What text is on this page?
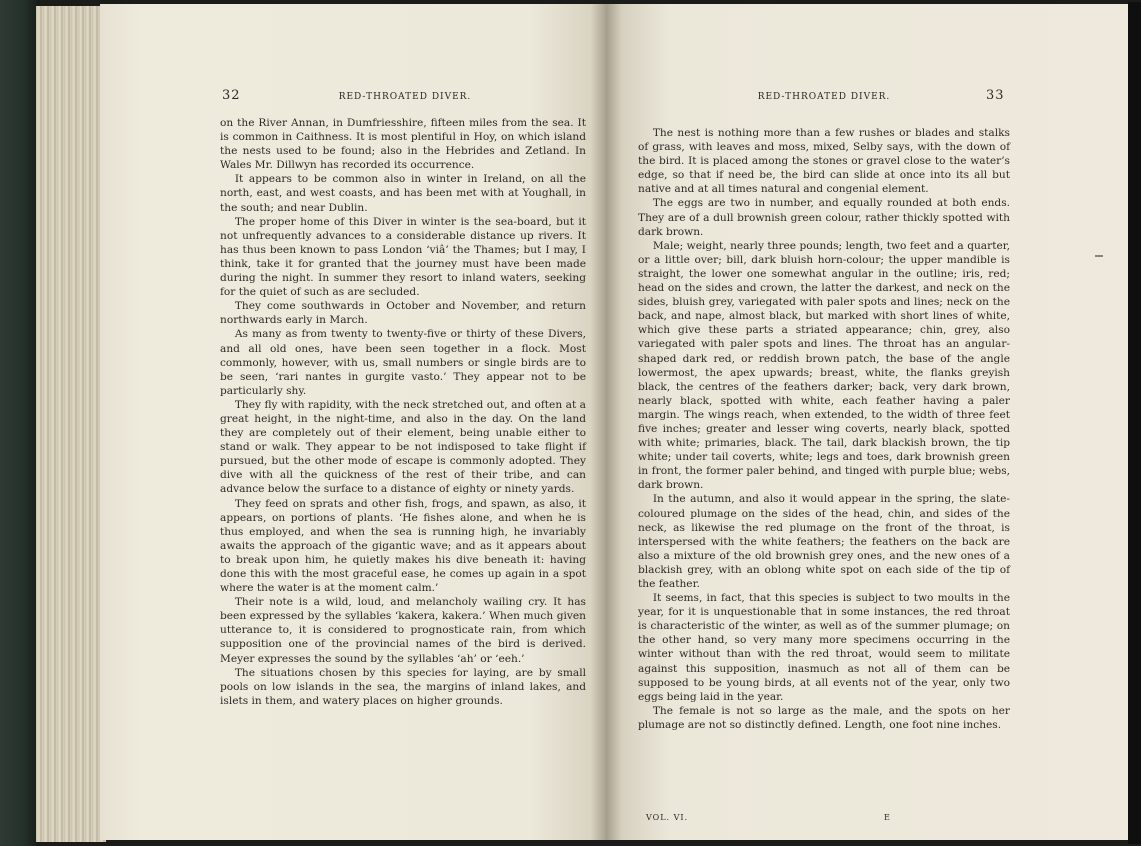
32	RED-THROATED DIVER.

on the River Annan, in Dumfriesshire, fifteen miles from the sea. It is common in Caithness. It is most plentiful in Hoy, on which island the nests used to be found; also in the Hebrides and Zetland. In Wales Mr. Dillwyn has recorded its occurrence.

It appears to be common also in winter in Ireland, on all the north, east, and west coasts, and has been met with at Youghall, in the south; and near Dublin.

The proper home of this Diver in winter is the sea-board, but it not unfrequently advances to a considerable distance up rivers. It has thus been known to pass London ‘viâ’ the Thames; but I may, I think, take it for granted that the journey must have been made during the night. In summer they resort to inland waters, seeking for the quiet of such as are secluded.

They come southwards in October and November, and return northwards early in March.

As many as from twenty to twenty-five or thirty of these Divers, and all old ones, have been seen together in a flock. Most commonly, however, with us, small numbers or single birds are to be seen, ‘rari nantes in gurgite vasto.’ They appear not to be particularly shy.

They fly with rapidity, with the neck stretched out, and often at a great height, in the night-time, and also in the day. On the land they are completely out of their element, being unable either to stand or walk. They appear to be not indisposed to take flight if pursued, but the other mode of escape is commonly adopted. They dive with all the quickness of the rest of their tribe, and can advance below the surface to a distance of eighty or ninety yards.

They feed on sprats and other fish, frogs, and spawn, as also, it appears, on portions of plants. ‘He fishes alone, and when he is thus employed, and when the sea is running high, he invariably awaits the approach of the gigantic wave; and as it appears about to break upon him, he quietly makes his dive beneath it: having done this with the most graceful ease, he comes up again in a spot where the water is at the moment calm.’

Their note is a wild, loud, and melancholy wailing cry. It has been expressed by the syllables ‘kakera, kakera.’ When much given utterance to, it is considered to prognosticate rain, from which supposition one of the provincial names of the bird is derived. Meyer expresses the sound by the syllables ‘ah’ or ‘eeh.’

The situations chosen by this species for laying, are by small pools on low islands in the sea, the margins of inland lakes, and islets in them, and watery places on higher grounds.

RED-THROATED DIVER.	33

The nest is nothing more than a few rushes or blades and stalks of grass, with leaves and moss, mixed, Selby says, with the down of the bird. It is placed among the stones or gravel close to the water’s edge, so that if need be, the bird can slide at once into its all but native and at all times natural and congenial element.

The eggs are two in number, and equally rounded at both ends. They are of a dull brownish green colour, rather thickly spotted with dark brown.

Male; weight, nearly three pounds; length, two feet and a quarter, or a little over; bill, dark bluish horn-colour; the upper mandible is straight, the lower one somewhat angular in the outline; iris, red; head on the sides and crown, the latter the darkest, and neck on the sides, bluish grey, variegated with paler spots and lines; neck on the back, and nape, almost black, but marked with short lines of white, which give these parts a striated appearance; chin, grey, also variegated with paler spots and lines. The throat has an angular-shaped dark red, or reddish brown patch, the base of the angle lowermost, the apex upwards; breast, white, the flanks greyish black, the centres of the feathers darker; back, very dark brown, nearly black, spotted with white, each feather having a paler margin. The wings reach, when extended, to the width of three feet five inches; greater and lesser wing coverts, nearly black, spotted with white; primaries, black. The tail, dark blackish brown, the tip white; under tail coverts, white; legs and toes, dark brownish green in front, the former paler behind, and tinged with purple blue; webs, dark brown.

In the autumn, and also it would appear in the spring, the slate-coloured plumage on the sides of the head, chin, and sides of the neck, as likewise the red plumage on the front of the throat, is interspersed with the white feathers; the feathers on the back are also a mixture of the old brownish grey ones, and the new ones of a blackish grey, with an oblong white spot on each side of the tip of the feather.

It seems, in fact, that this species is subject to two moults in the year, for it is unquestionable that in some instances, the red throat is characteristic of the winter, as well as of the summer plumage; on the other hand, so very many more specimens occurring in the winter without than with the red throat, would seem to militate against this supposition, inasmuch as not all of them can be supposed to be young birds, at all events not of the year, only two eggs being laid in the year.

The female is not so large as the male, and the spots on her plumage are not so distinctly defined. Length, one foot nine inches.

VOL. VI.	E
